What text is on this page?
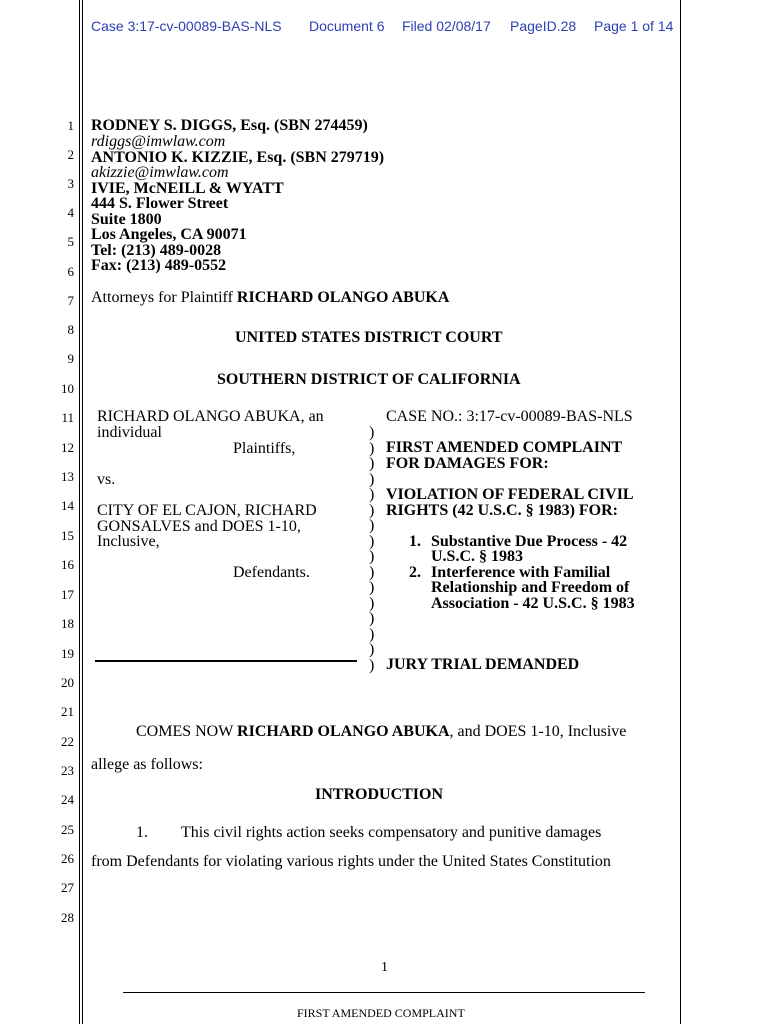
Case 3:17-cv-00089-BAS-NLS Document 6 Filed 02/08/17 PageID.28 Page 1 of 14
1
2
3
4
5
6
7
8
9
10
11
12
13
14
15
16
17
18
19
20
21
22
23
24
25
26
27
28
RODNEY S. DIGGS, Esq. (SBN 274459)
rdiggs@imwlaw.com
ANTONIO K. KIZZIE, Esq. (SBN 279719)
akizzie@imwlaw.com
IVIE, McNEILL & WYATT
444 S. Flower Street
Suite 1800
Los Angeles, CA 90071
Tel: (213) 489-0028
Fax: (213) 489-0552
Attorneys for Plaintiff RICHARD OLANGO ABUKA
UNITED STATES DISTRICT COURT
SOUTHERN DISTRICT OF CALIFORNIA
RICHARD OLANGO ABUKA, an
individual
Plaintiffs,
vs.
CITY OF EL CAJON, RICHARD
GONSALVES and DOES 1-10,
Inclusive,
Defendants.
)
)
)
)
)
)
)
)
)
)
)
)
)
)
)
)
CASE NO.: 3:17-cv-00089-BAS-NLS
FIRST AMENDED COMPLAINT
FOR DAMAGES FOR:
VIOLATION OF FEDERAL CIVIL
RIGHTS (42 U.S.C. § 1983) FOR:
1. Substantive Due Process - 42
U.S.C. § 1983
2. Interference with Familial
Relationship and Freedom of
Association - 42 U.S.C. § 1983
JURY TRIAL DEMANDED
COMES NOW RICHARD OLANGO ABUKA, and DOES 1-10, Inclusive
allege as follows:
INTRODUCTION
1. This civil rights action seeks compensatory and punitive damages
from Defendants for violating various rights under the United States Constitution
1
FIRST AMENDED COMPLAINT
